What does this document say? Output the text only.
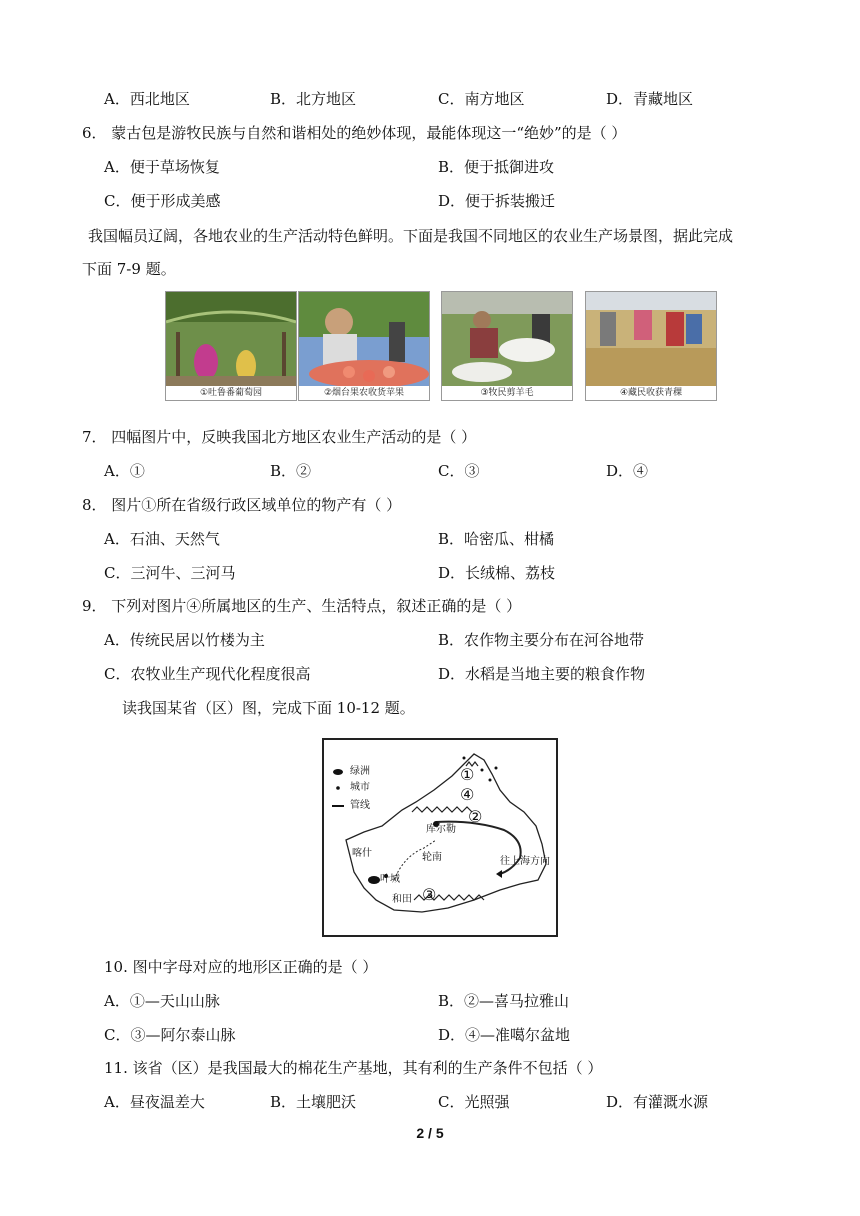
A．西北地区	B．北方地区	C．南方地区	D．青藏地区
6． 蒙古包是游牧民族与自然和谐相处的绝妙体现，最能体现这一“绝妙”的是（ ）
A．便于草场恢复	B．便于抵御进攻
C．便于形成美感	D．便于拆装搬迁
我国幅员辽阔，各地农业的生产活动特色鲜明。下面是我国不同地区的农业生产场景图，据此完成
下面 7-9 题。
①吐鲁番葡萄园	②烟台果农收货苹果	③牧民剪羊毛	④藏民收获青稞
7． 四幅图片中，反映我国北方地区农业生产活动的是（ ）
A．①	B．②	C．③	D．④
8． 图片①所在省级行政区域单位的物产有（ ）
A．石油、天然气	B．哈密瓜、柑橘
C．三河牛、三河马	D．长绒棉、荔枝
9． 下列对图片④所属地区的生产、生活特点，叙述正确的是（ ）
A．传统民居以竹楼为主	B．农作物主要分布在河谷地带
C．农牧业生产现代化程度很高	D．水稻是当地主要的粮食作物
读我国某省（区）图，完成下面 10-12 题。
绿洲
城市
管线
①
④
②
③
库尔勒
喀什	轮南
叶城
和田
往上海方向
10. 图中字母对应的地形区正确的是（ ）
A．①—天山山脉	B．②—喜马拉雅山
C．③—阿尔泰山脉	D．④—准噶尔盆地
11. 该省（区）是我国最大的棉花生产基地，其有利的生产条件不包括（ ）
A．昼夜温差大	B．土壤肥沃	C．光照强	D．有灌溉水源
2 / 5
